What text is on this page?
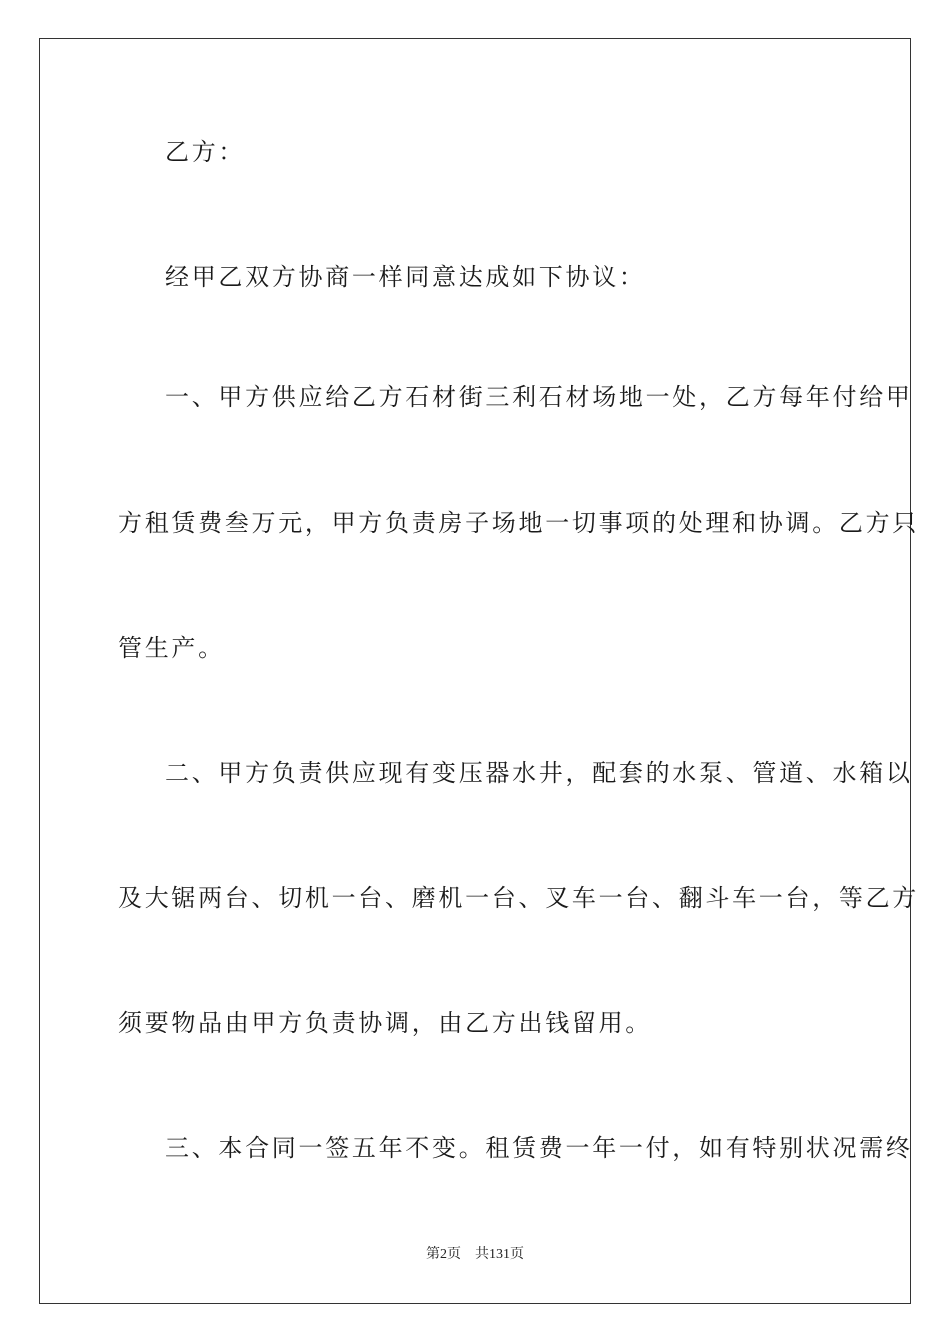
乙方：
经甲乙双方协商一样同意达成如下协议：
一、甲方供应给乙方石材街三利石材场地一处，乙方每年付给甲
方租赁费叁万元，甲方负责房子场地一切事项的处理和协调。乙方只
管生产。
二、甲方负责供应现有变压器水井，配套的水泵、管道、水箱以
及大锯两台、切机一台、磨机一台、叉车一台、翻斗车一台，等乙方
须要物品由甲方负责协调，由乙方出钱留用。
三、本合同一签五年不变。租赁费一年一付，如有特别状况需终
第2页 共131页
